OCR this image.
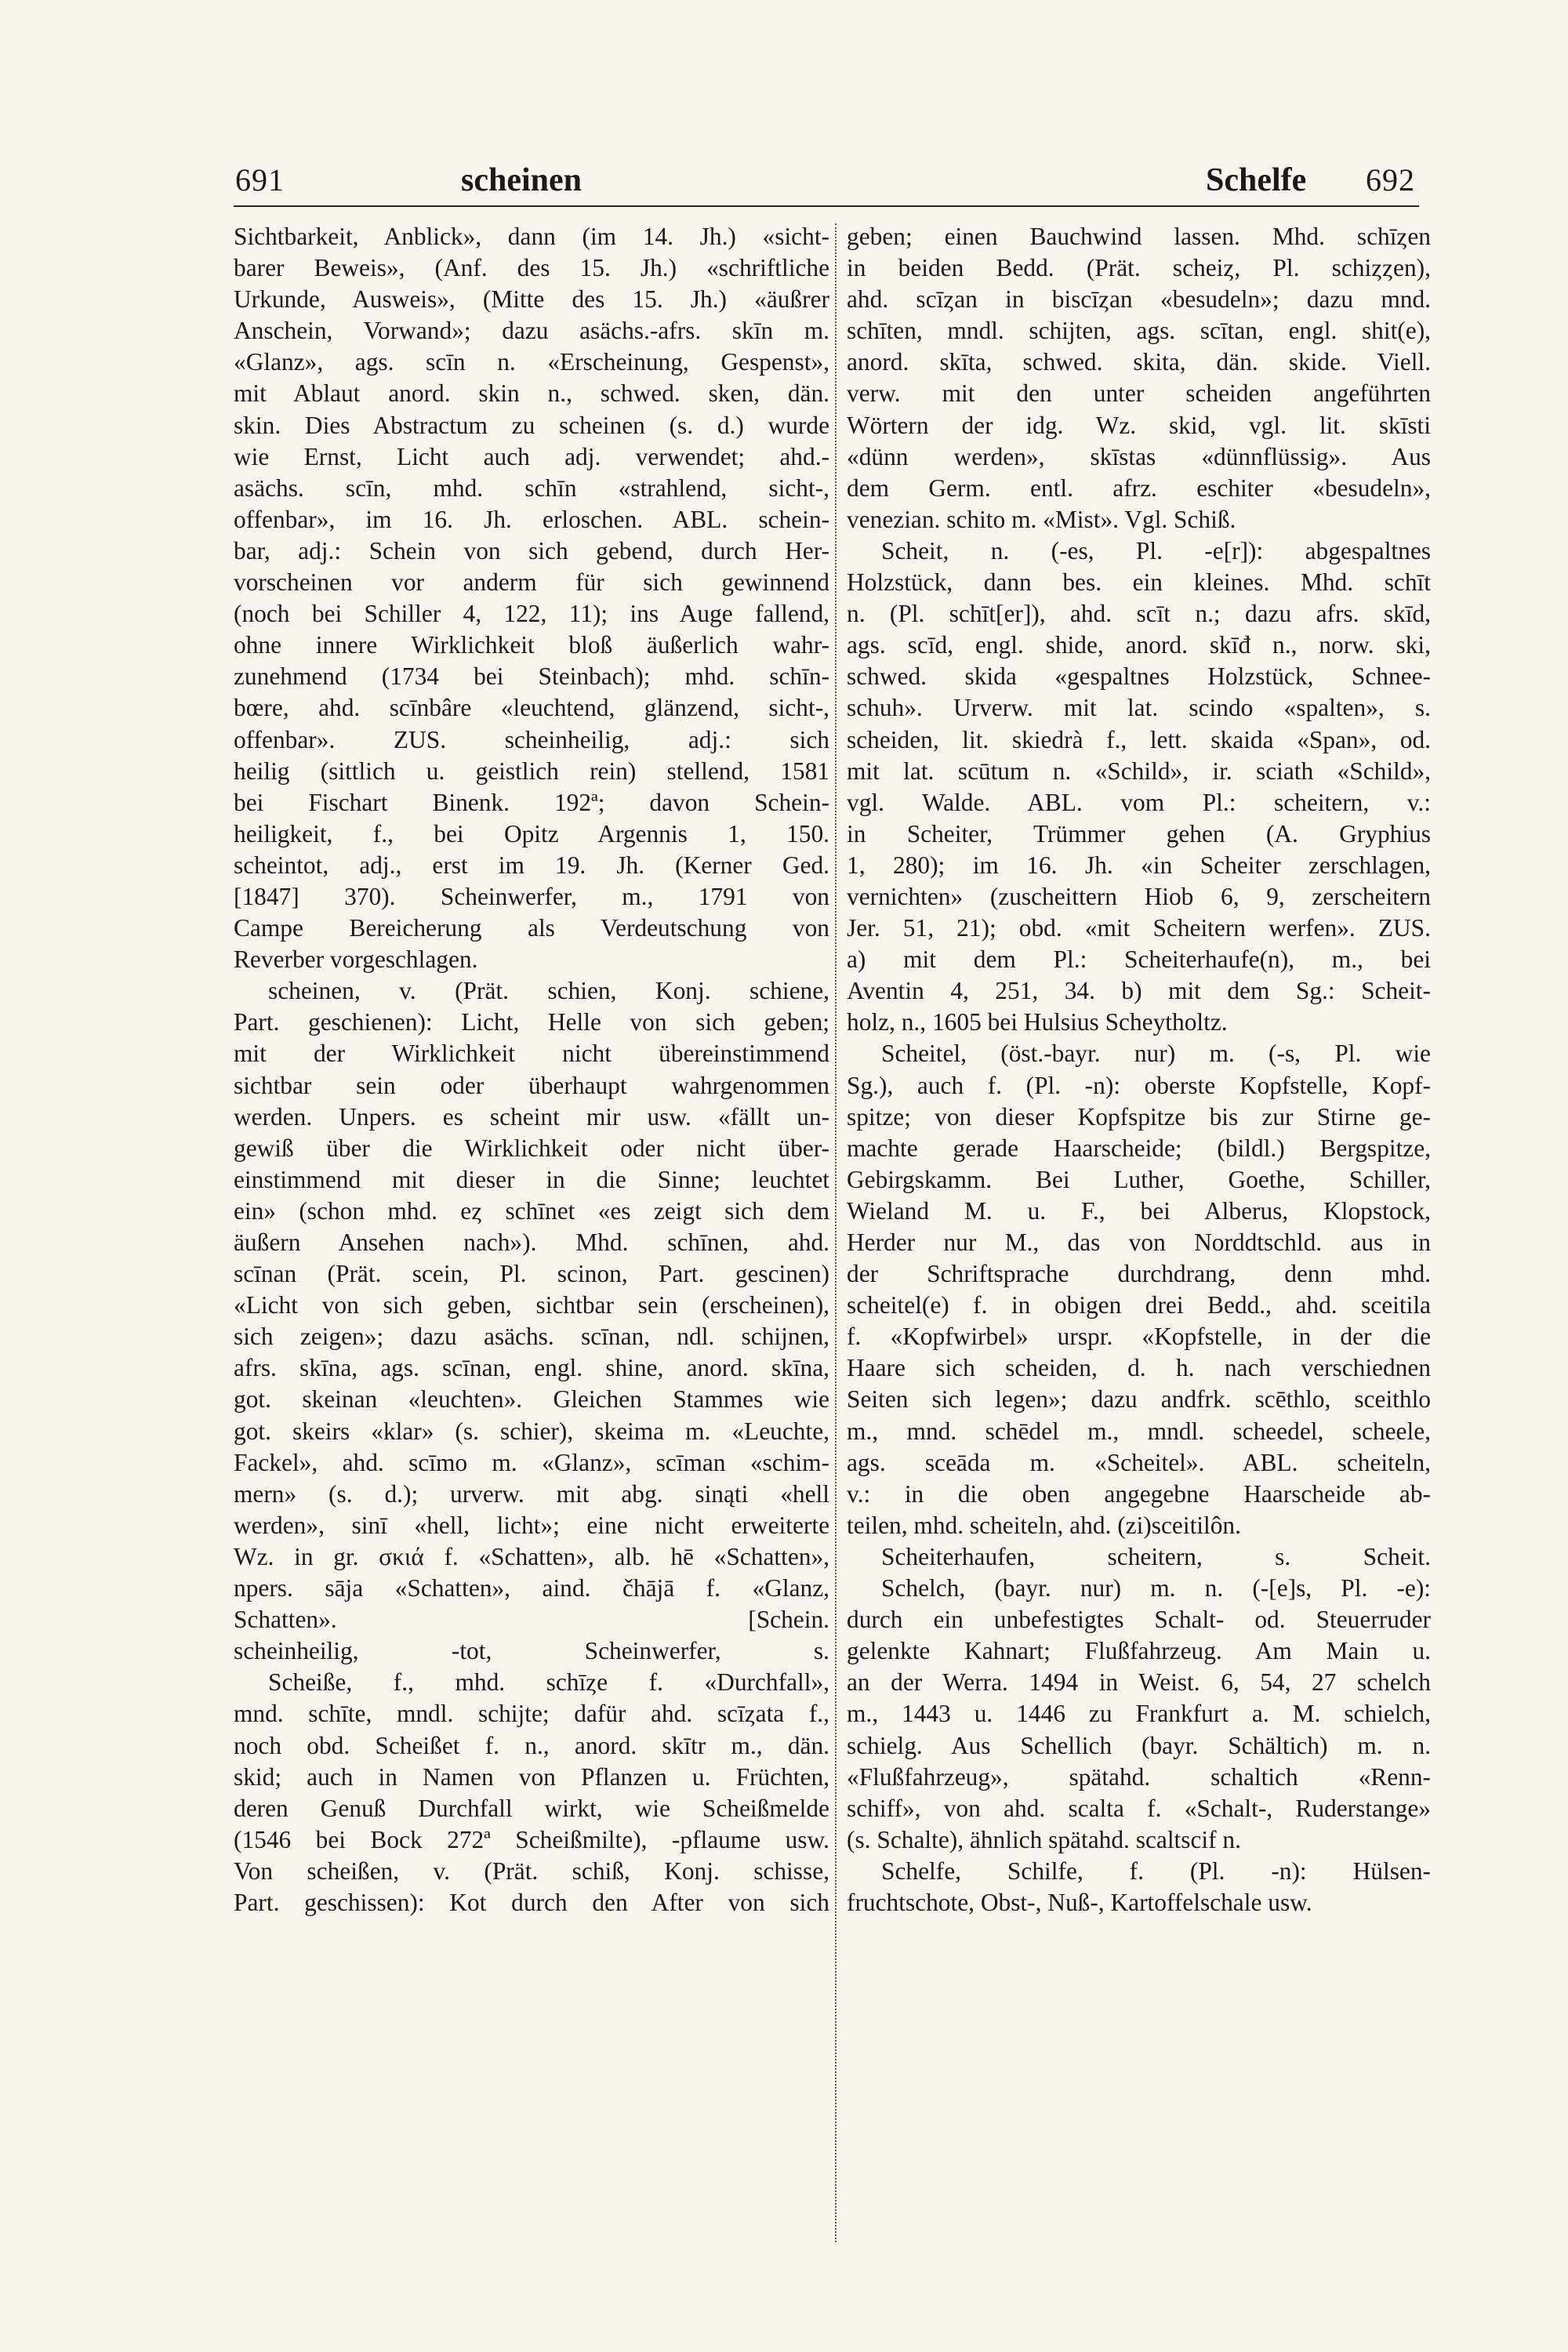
691	scheinen	Schelfe 692
Sichtbarkeit, Anblick», dann (im 14. Jh.) «sicht-
barer Beweis», (Anf. des 15. Jh.) «schriftliche
Urkunde, Ausweis», (Mitte des 15. Jh.) «äußrer
Anschein, Vorwand»; dazu asächs.-afrs. skīn m.
«Glanz», ags. scīn n. «Erscheinung, Gespenst»,
mit Ablaut anord. skin n., schwed. sken, dän.
skin. Dies Abstractum zu scheinen (s. d.) wurde
wie Ernst, Licht auch adj. verwendet; ahd.-
asächs. scīn, mhd. schīn «strahlend, sicht-,
offenbar», im 16. Jh. erloschen. ABL. schein-
bar, adj.: Schein von sich gebend, durch Her-
vorscheinen vor anderm für sich gewinnend
(noch bei Schiller 4, 122, 11); ins Auge fallend,
ohne innere Wirklichkeit bloß äußerlich wahr-
zunehmend (1734 bei Steinbach); mhd. schīn-
bœre, ahd. scīnbâre «leuchtend, glänzend, sicht-,
offenbar». ZUS. scheinheilig, adj.: sich
heilig (sittlich u. geistlich rein) stellend, 1581
bei Fischart Binenk. 192ª; davon Schein-
heiligkeit, f., bei Opitz Argennis 1, 150.
scheintot, adj., erst im 19. Jh. (Kerner Ged.
[1847] 370). Scheinwerfer, m., 1791 von
Campe Bereicherung als Verdeutschung von
Reverber vorgeschlagen.
scheinen, v. (Prät. schien, Konj. schiene,
Part. geschienen): Licht, Helle von sich geben;
mit der Wirklichkeit nicht übereinstimmend
sichtbar sein oder überhaupt wahrgenommen
werden. Unpers. es scheint mir usw. «fällt un-
gewiß über die Wirklichkeit oder nicht über-
einstimmend mit dieser in die Sinne; leuchtet
ein» (schon mhd. eȥ schīnet «es zeigt sich dem
äußern Ansehen nach»). Mhd. schīnen, ahd.
scīnan (Prät. scein, Pl. scinon, Part. gescinen)
«Licht von sich geben, sichtbar sein (erscheinen),
sich zeigen»; dazu asächs. scīnan, ndl. schijnen,
afrs. skīna, ags. scīnan, engl. shine, anord. skīna,
got. skeinan «leuchten». Gleichen Stammes wie
got. skeirs «klar» (s. schier), skeima m. «Leuchte,
Fackel», ahd. scīmo m. «Glanz», scīman «schim-
mern» (s. d.); urverw. mit abg. sinąti «hell
werden», sinī «hell, licht»; eine nicht erweiterte
Wz. in gr. σκιά f. «Schatten», alb. hē «Schatten»,
npers. sāja «Schatten», aind. čhājā f. «Glanz,
Schatten». [Schein.
scheinheilig, -tot, Scheinwerfer, s.
Scheiße, f., mhd. schīȥe f. «Durchfall»,
mnd. schīte, mndl. schijte; dafür ahd. scīȥata f.,
noch obd. Scheißet f. n., anord. skītr m., dän.
skid; auch in Namen von Pflanzen u. Früchten,
deren Genuß Durchfall wirkt, wie Scheißmelde
(1546 bei Bock 272ª Scheißmilte), -pflaume usw.
Von scheißen, v. (Prät. schiß, Konj. schisse,
Part. geschissen): Kot durch den After von sich
geben; einen Bauchwind lassen. Mhd. schīȥen
in beiden Bedd. (Prät. scheiȥ, Pl. schiȥȥen),
ahd. scīȥan in biscīȥan «besudeln»; dazu mnd.
schīten, mndl. schijten, ags. scītan, engl. shit(e),
anord. skīta, schwed. skita, dän. skide. Viell.
verw. mit den unter scheiden angeführten
Wörtern der idg. Wz. skid, vgl. lit. skīsti
«dünn werden», skīstas «dünnflüssig». Aus
dem Germ. entl. afrz. eschiter «besudeln»,
venezian. schito m. «Mist». Vgl. Schiß.
Scheit, n. (-es, Pl. -e[r]): abgespaltnes
Holzstück, dann bes. ein kleines. Mhd. schīt
n. (Pl. schīt[er]), ahd. scīt n.; dazu afrs. skīd,
ags. scīd, engl. shide, anord. skīđ n., norw. ski,
schwed. skida «gespaltnes Holzstück, Schnee-
schuh». Urverw. mit lat. scindo «spalten», s.
scheiden, lit. skiedrà f., lett. skaida «Span», od.
mit lat. scūtum n. «Schild», ir. sciath «Schild»,
vgl. Walde. ABL. vom Pl.: scheitern, v.:
in Scheiter, Trümmer gehen (A. Gryphius
1, 280); im 16. Jh. «in Scheiter zerschlagen,
vernichten» (zuscheittern Hiob 6, 9, zerscheitern
Jer. 51, 21); obd. «mit Scheitern werfen». ZUS.
a) mit dem Pl.: Scheiterhaufe(n), m., bei
Aventin 4, 251, 34. b) mit dem Sg.: Scheit-
holz, n., 1605 bei Hulsius Scheytholtz.
Scheitel, (öst.-bayr. nur) m. (-s, Pl. wie
Sg.), auch f. (Pl. -n): oberste Kopfstelle, Kopf-
spitze; von dieser Kopfspitze bis zur Stirne ge-
machte gerade Haarscheide; (bildl.) Bergspitze,
Gebirgskamm. Bei Luther, Goethe, Schiller,
Wieland M. u. F., bei Alberus, Klopstock,
Herder nur M., das von Norddtschld. aus in
der Schriftsprache durchdrang, denn mhd.
scheitel(e) f. in obigen drei Bedd., ahd. sceitila
f. «Kopfwirbel» urspr. «Kopfstelle, in der die
Haare sich scheiden, d. h. nach verschiednen
Seiten sich legen»; dazu andfrk. scēthlo, sceithlo
m., mnd. schēdel m., mndl. scheedel, scheele,
ags. sceāda m. «Scheitel». ABL. scheiteln,
v.: in die oben angegebne Haarscheide ab-
teilen, mhd. scheiteln, ahd. (zi)sceitilôn.
Scheiterhaufen, scheitern, s. Scheit.
Schelch, (bayr. nur) m. n. (-[e]s, Pl. -e):
durch ein unbefestigtes Schalt- od. Steuerruder
gelenkte Kahnart; Flußfahrzeug. Am Main u.
an der Werra. 1494 in Weist. 6, 54, 27 schelch
m., 1443 u. 1446 zu Frankfurt a. M. schielch,
schielg. Aus Schellich (bayr. Schältich) m. n.
«Flußfahrzeug», spätahd. schaltich «Renn-
schiff», von ahd. scalta f. «Schalt-, Ruderstange»
(s. Schalte), ähnlich spätahd. scaltscif n.
Schelfe, Schilfe, f. (Pl. -n): Hülsen-
fruchtschote, Obst-, Nuß-, Kartoffelschale usw.
